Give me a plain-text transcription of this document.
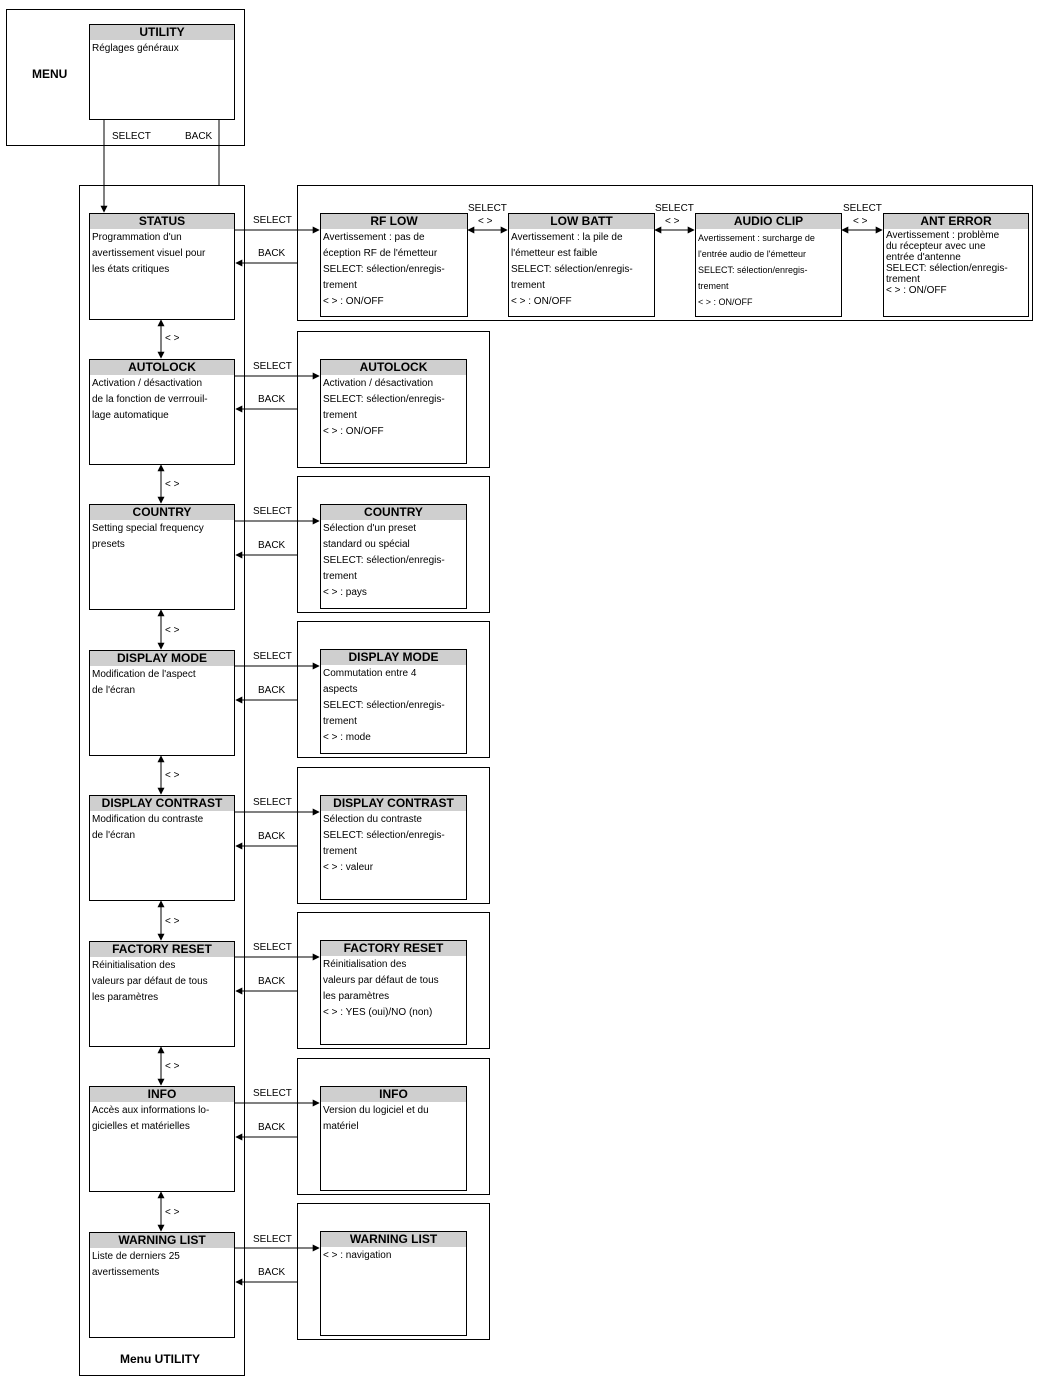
MENU
UTILITY
Réglages généraux
SELECT	BACK
STATUS
Programmation d'un
avertissement visuel pour
les états critiques
SELECT
BACK
AUTOLOCK
Activation / désactivation
de la fonction de verrrouil-
lage automatique
SELECT
BACK
COUNTRY
Setting special frequency
presets
SELECT
BACK
DISPLAY MODE
Modification de l'aspect
de l'écran
SELECT
BACK
DISPLAY CONTRAST
Modification du contraste
de l'écran
SELECT
BACK
FACTORY RESET
Réinitialisation des
valeurs par défaut de tous
les paramètres
SELECT
BACK
INFO
Accès aux informations lo-
gicielles et matérielles
SELECT
BACK
WARNING LIST
Liste de derniers 25
avertissements
SELECT
BACK
< >
< >
< >
< >
< >
< >
< >
Menu UTILITY
RF LOW
Avertissement : pas de
éception RF de l'émetteur
SELECT: sélection/enregis-
trement
< > : ON/OFF
LOW BATT
Avertissement : la pile de
l'émetteur est faible
SELECT: sélection/enregis-
trement
< > : ON/OFF
AUDIO CLIP
Avertissement : surcharge de
l'entrée audio de l'émetteur
SELECT: sélection/enregis-
trement
< > : ON/OFF
ANT ERROR
Avertissement : problème
du récepteur avec une
entrée d'antenne
SELECT: sélection/enregis-
trement
< > : ON/OFF
SELECT
< >
SELECT
< >
SELECT
< >
AUTOLOCK
Activation / désactivation
SELECT: sélection/enregis-
trement
< > : ON/OFF
COUNTRY
Sélection d'un preset
standard ou spécial
SELECT: sélection/enregis-
trement
< > : pays
DISPLAY MODE
Commutation entre 4
aspects
SELECT: sélection/enregis-
trement
< > : mode
DISPLAY CONTRAST
Sélection du contraste
SELECT: sélection/enregis-
trement
< > : valeur
FACTORY RESET
Réinitialisation des
valeurs par défaut de tous
les paramètres
< > : YES (oui)/NO (non)
INFO
Version du logiciel et du
matériel
WARNING LIST
< > : navigation
